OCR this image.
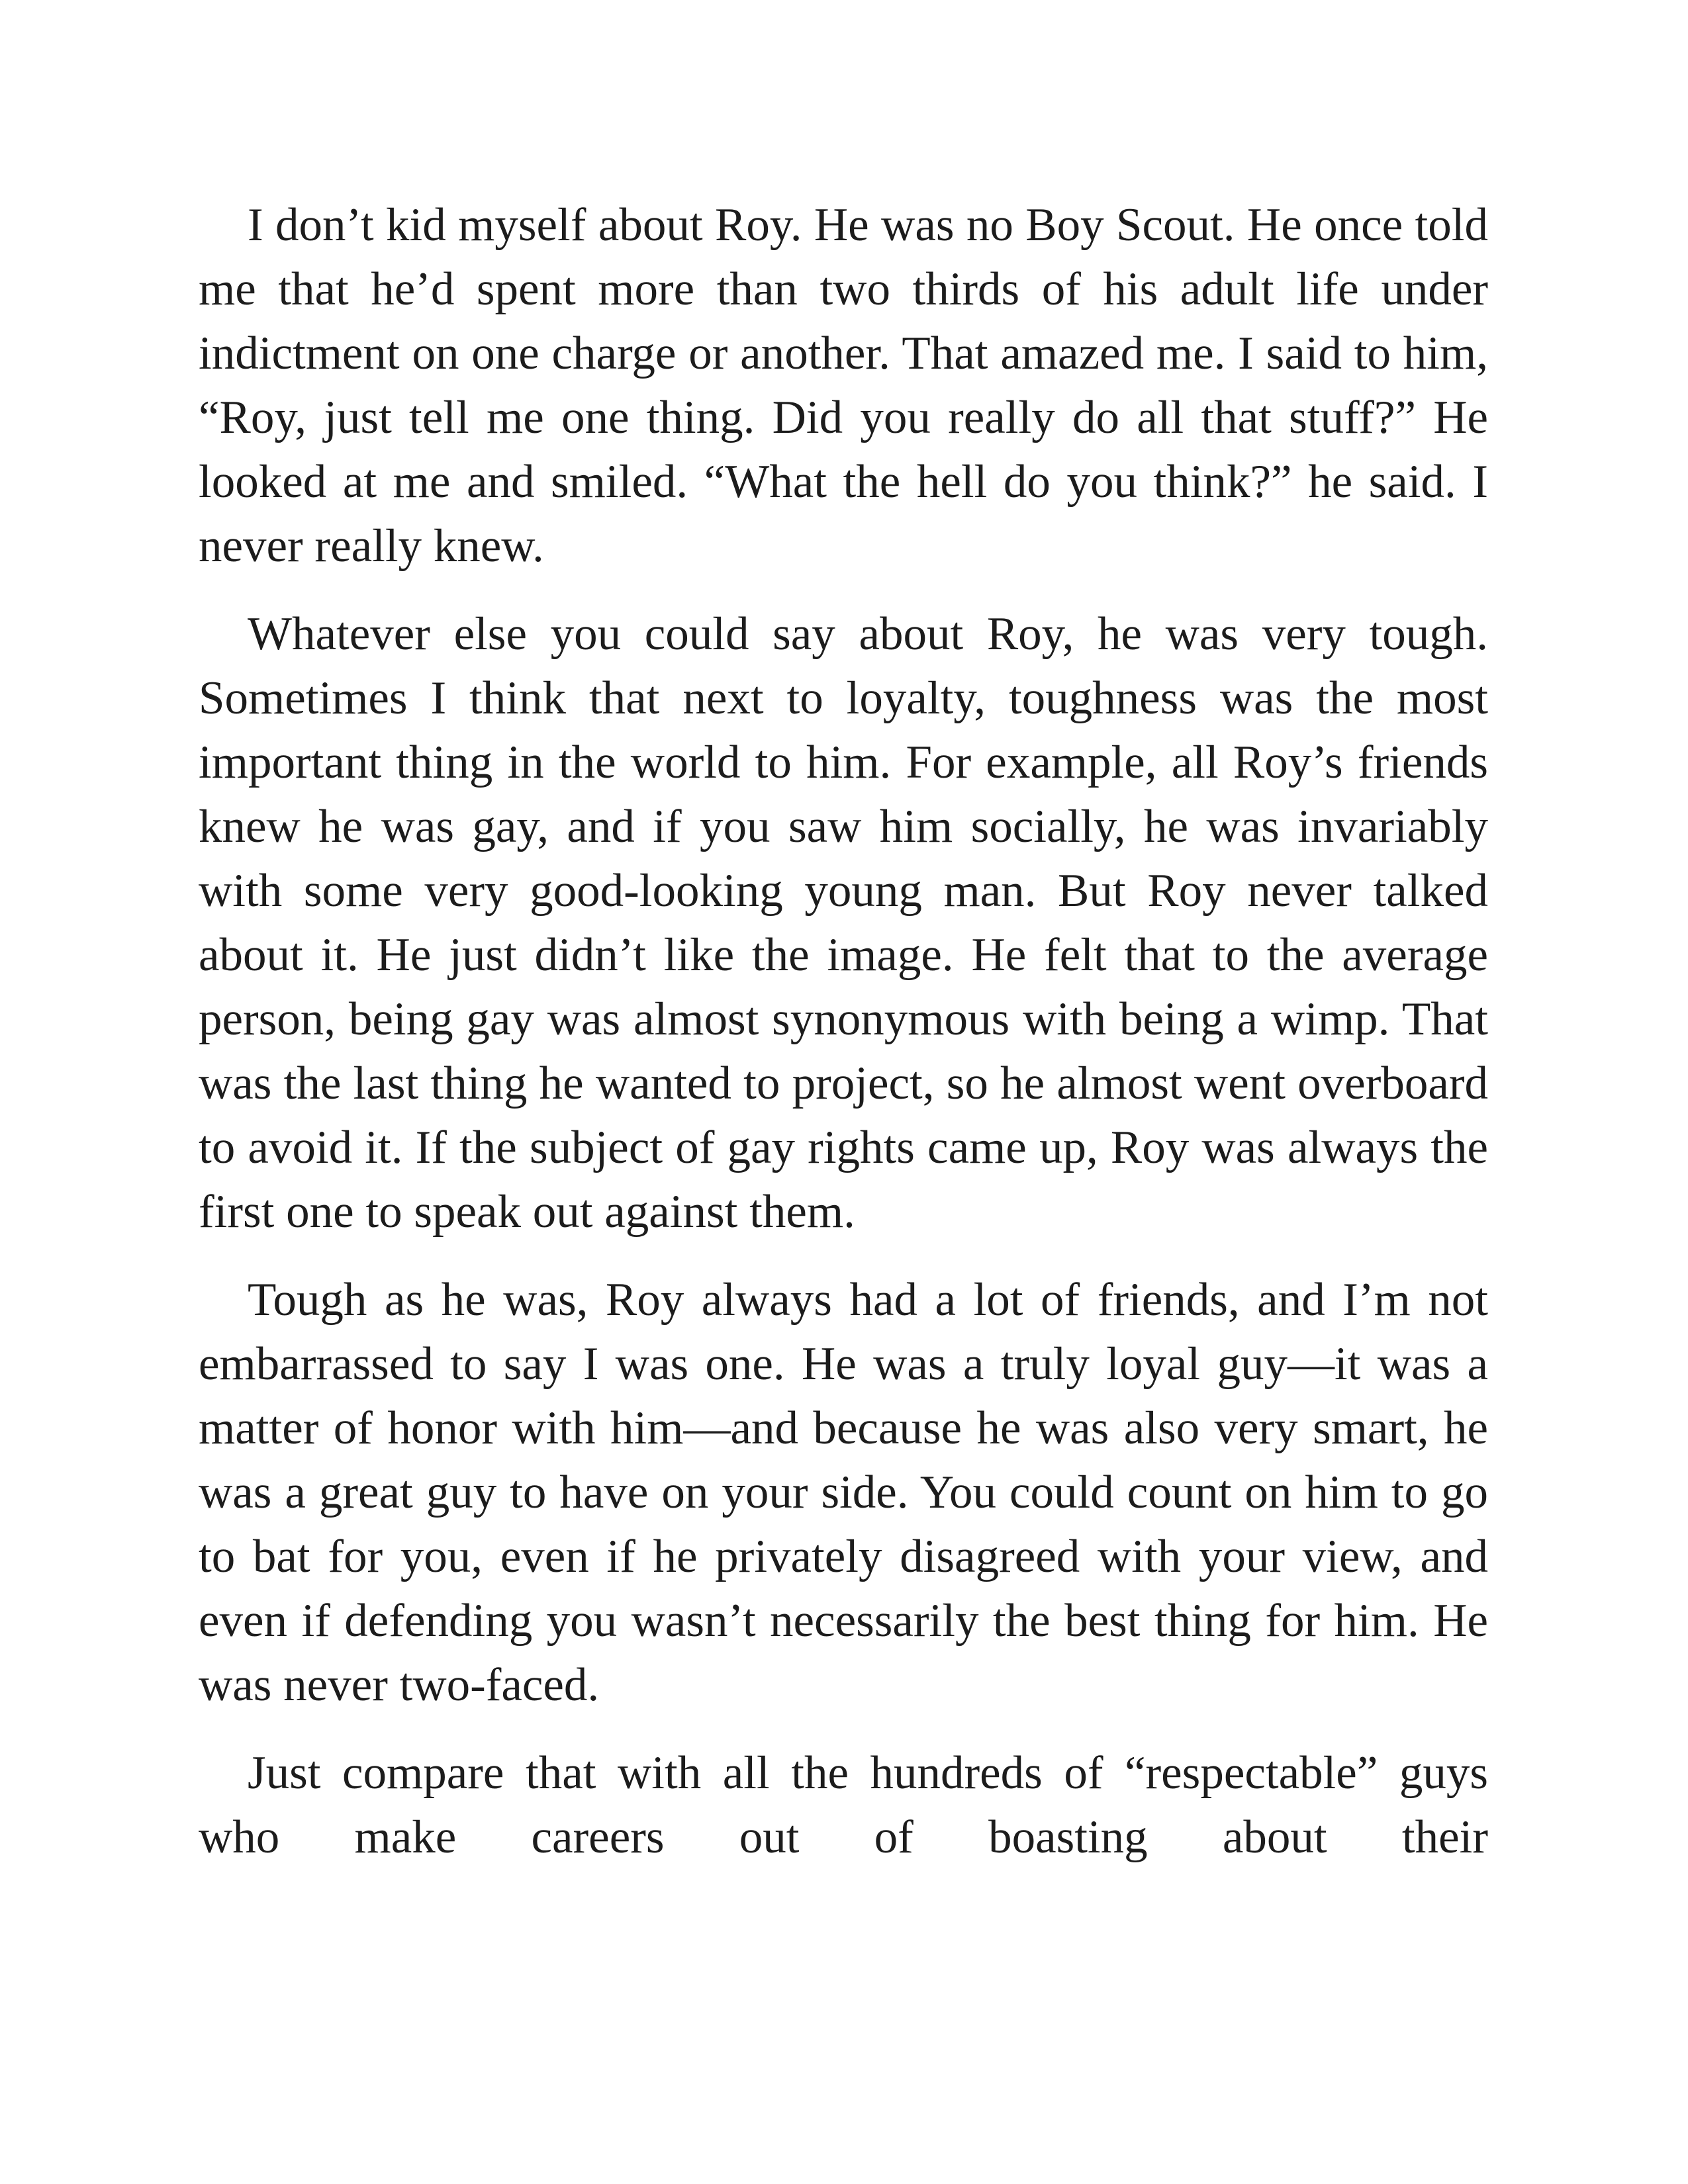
I don’t kid myself about Roy. He was no Boy Scout. He once told me that he’d spent more than two thirds of his adult life under indictment on one charge or another. That amazed me. I said to him, “Roy, just tell me one thing. Did you really do all that stuff?” He looked at me and smiled. “What the hell do you think?” he said. I never really knew.

Whatever else you could say about Roy, he was very tough. Sometimes I think that next to loyalty, toughness was the most important thing in the world to him. For example, all Roy’s friends knew he was gay, and if you saw him socially, he was invariably with some very good-looking young man. But Roy never talked about it. He just didn’t like the image. He felt that to the average person, being gay was almost synonymous with being a wimp. That was the last thing he wanted to project, so he almost went overboard to avoid it. If the subject of gay rights came up, Roy was always the first one to speak out against them.

Tough as he was, Roy always had a lot of friends, and I’m not embarrassed to say I was one. He was a truly loyal guy—it was a matter of honor with him—and because he was also very smart, he was a great guy to have on your side. You could count on him to go to bat for you, even if he privately disagreed with your view, and even if defending you wasn’t necessarily the best thing for him. He was never two-faced.

Just compare that with all the hundreds of “respectable” guys who make careers out of boasting about their
